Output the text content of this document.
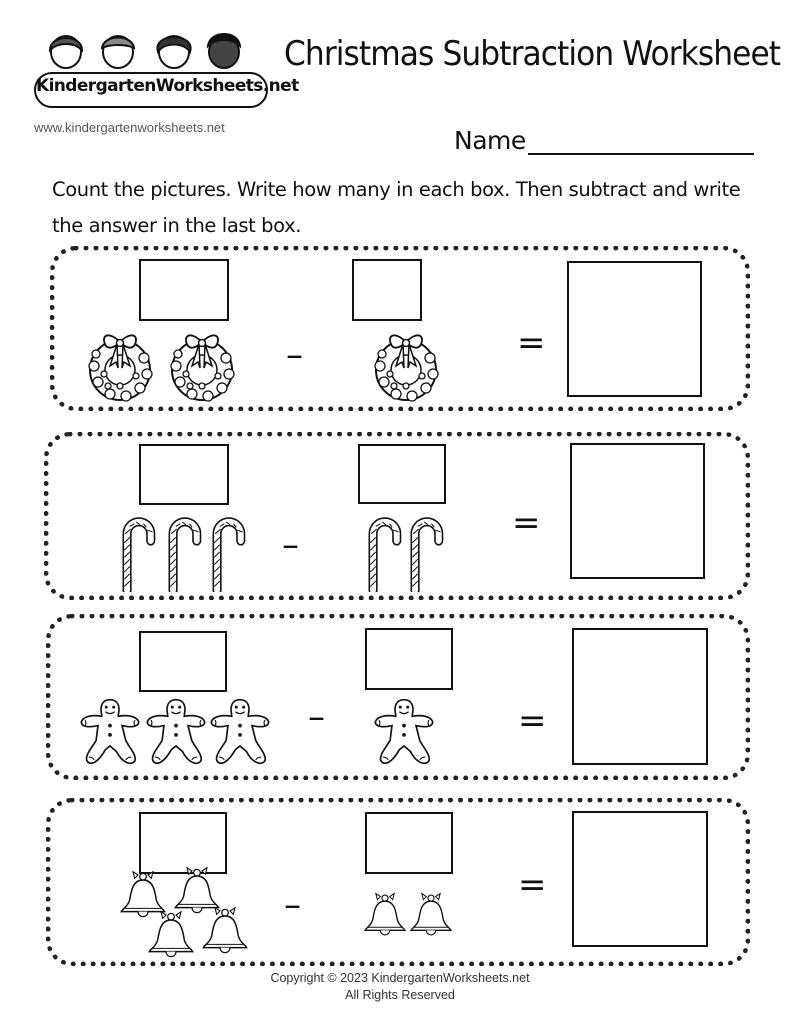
KindergartenWorksheets.net
www.kindergartenworksheets.net
Christmas Subtraction Worksheet
Name
Count the pictures. Write how many in each box. Then subtract and write the answer in the last box.
–	=
–
=
–	=
–	=
Copyright © 2023 KindergartenWorksheets.net
All Rights Reserved
